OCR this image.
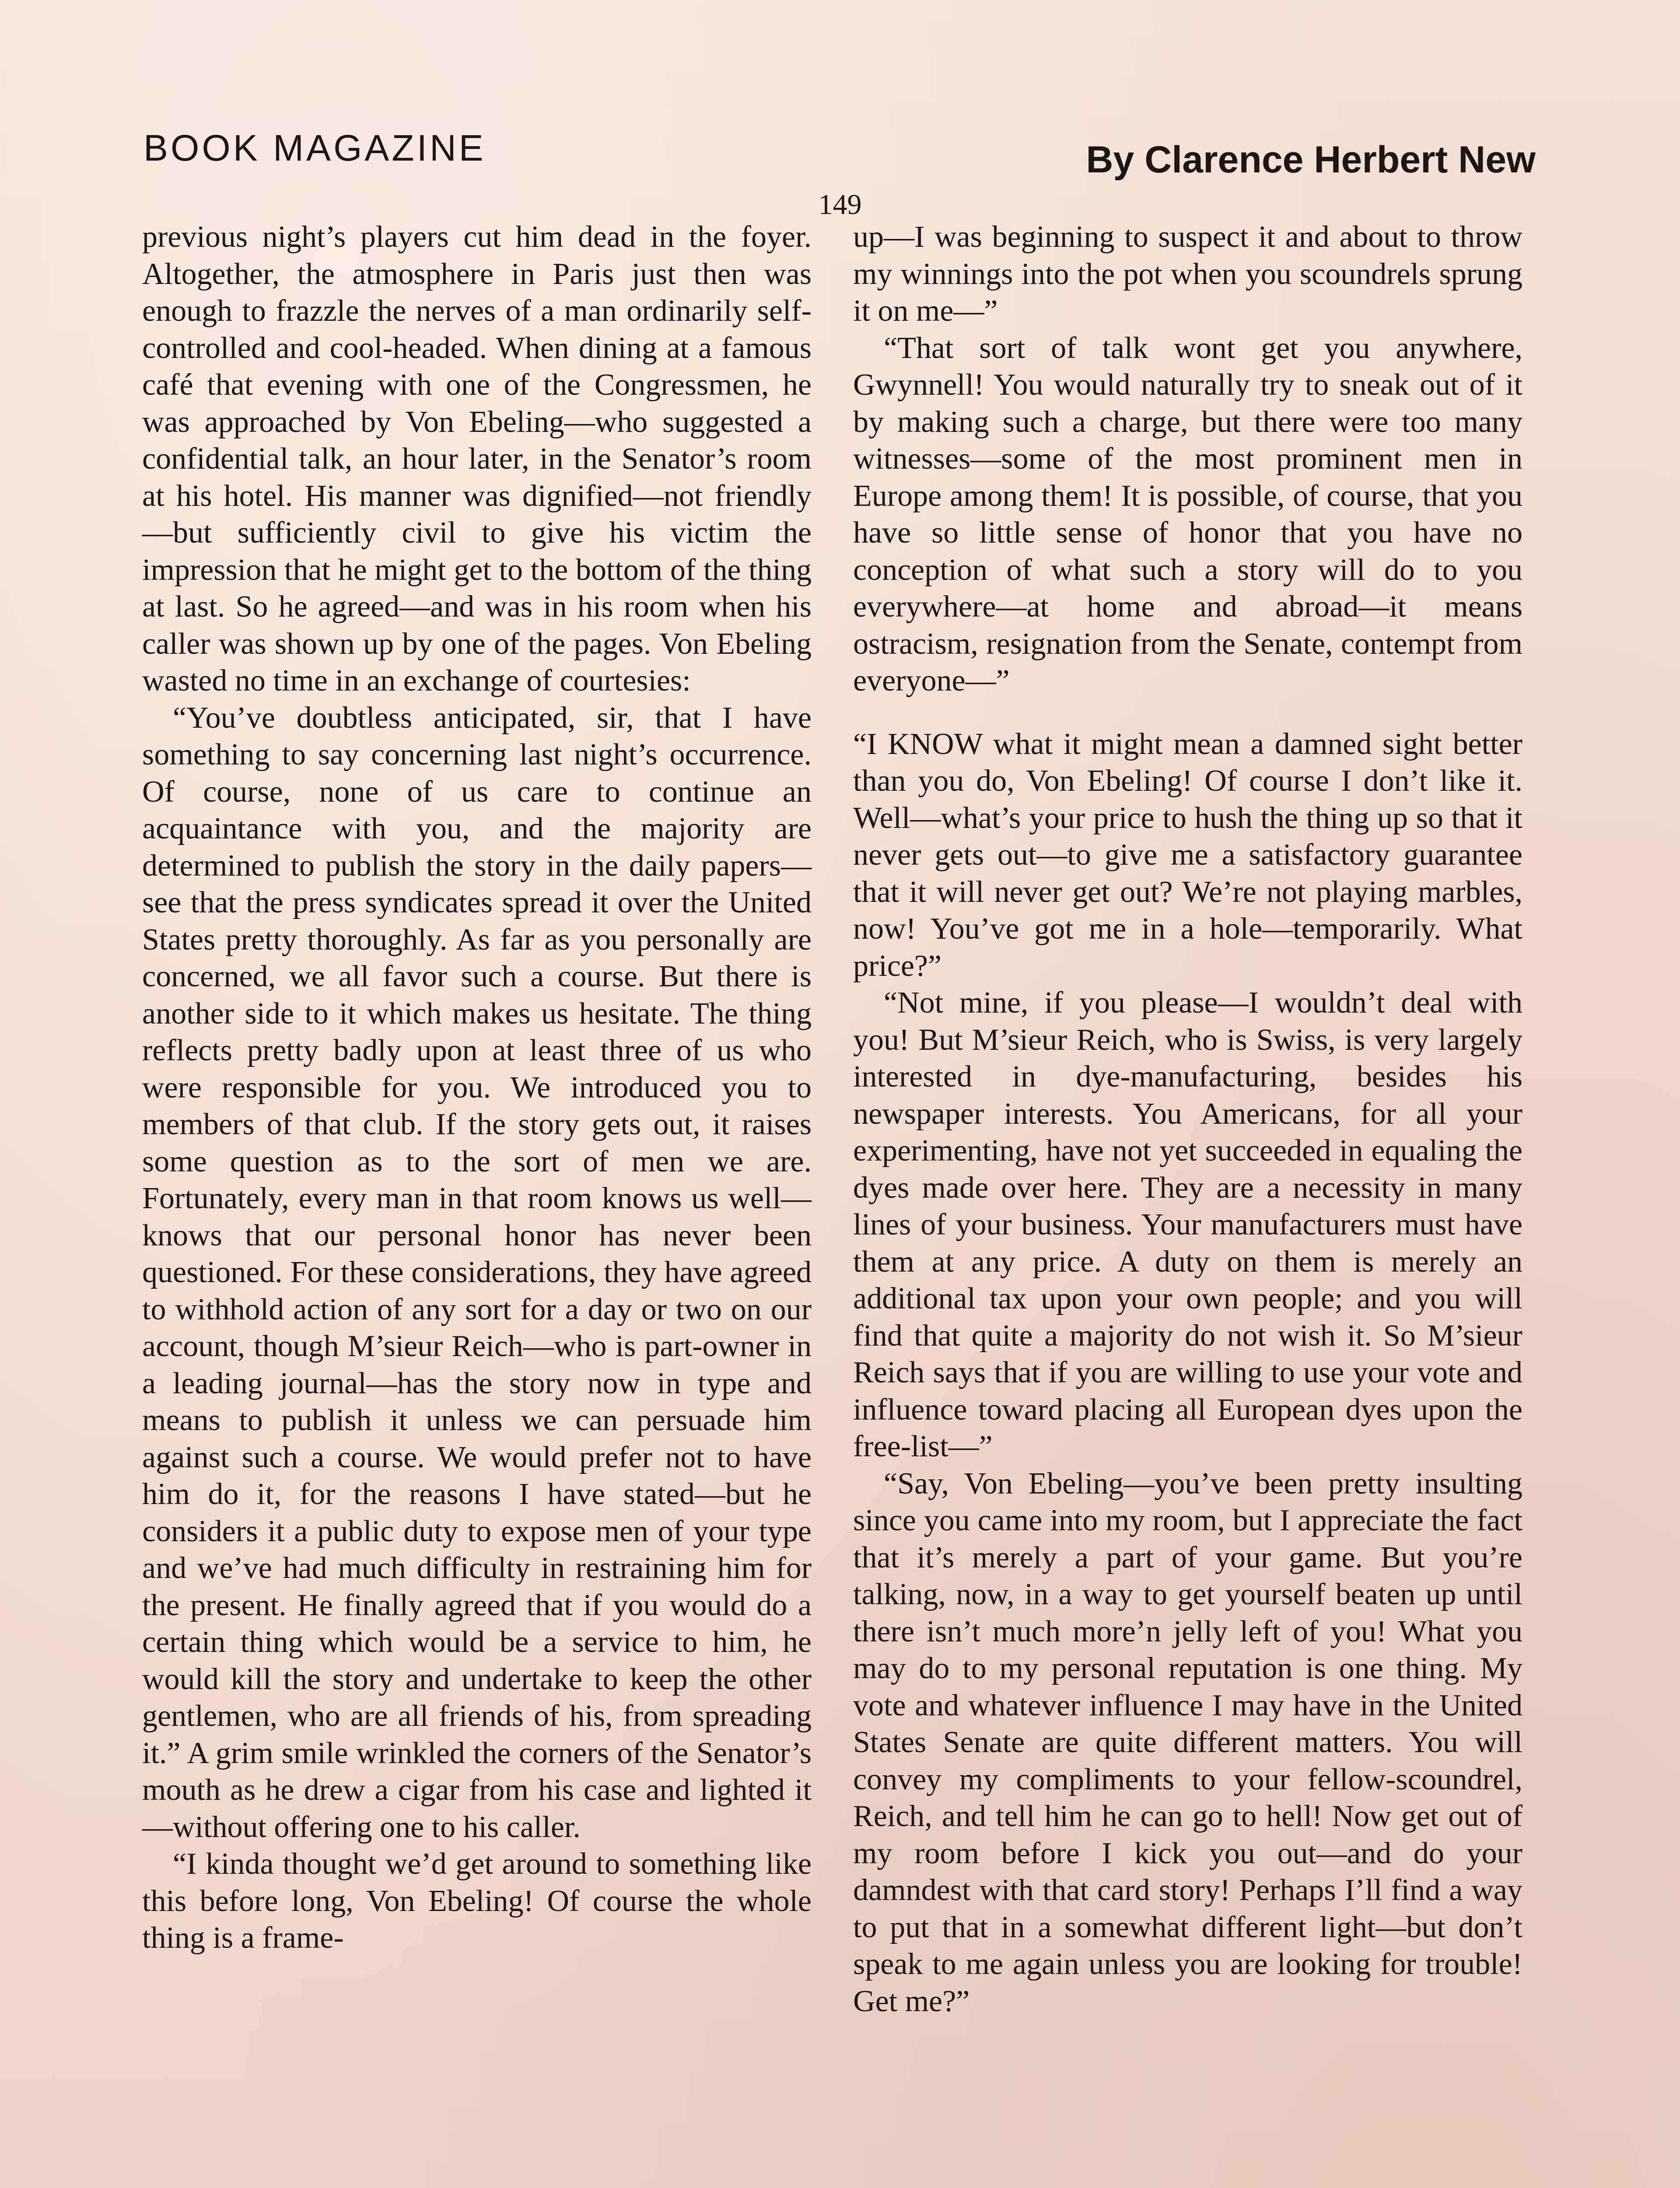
BOOK MAGAZINE	By Clarence Herbert New
149

previous night’s players cut him dead in the foyer. Altogether, the atmosphere in Paris just then was enough to frazzle the nerves of a man ordinarily self-controlled and cool-headed. When dining at a famous café that evening with one of the Congressmen, he was approached by Von Ebeling—who suggested a confidential talk, an hour later, in the Senator’s room at his hotel. His manner was dignified—not friendly—but sufficiently civil to give his victim the impression that he might get to the bottom of the thing at last. So he agreed—and was in his room when his caller was shown up by one of the pages. Von Ebeling wasted no time in an exchange of courtesies:

“You’ve doubtless anticipated, sir, that I have something to say concerning last night’s occurrence. Of course, none of us care to continue an acquaintance with you, and the majority are determined to publish the story in the daily papers—see that the press syndicates spread it over the United States pretty thoroughly. As far as you personally are concerned, we all favor such a course. But there is another side to it which makes us hesitate. The thing reflects pretty badly upon at least three of us who were responsible for you. We introduced you to members of that club. If the story gets out, it raises some question as to the sort of men we are. Fortunately, every man in that room knows us well—knows that our personal honor has never been questioned. For these considerations, they have agreed to withhold action of any sort for a day or two on our account, though M’sieur Reich—who is part-owner in a leading journal—has the story now in type and means to publish it unless we can persuade him against such a course. We would prefer not to have him do it, for the reasons I have stated—but he considers it a public duty to expose men of your type and we’ve had much difficulty in restraining him for the present. He finally agreed that if you would do a certain thing which would be a service to him, he would kill the story and undertake to keep the other gentlemen, who are all friends of his, from spreading it.” A grim smile wrinkled the corners of the Senator’s mouth as he drew a cigar from his case and lighted it—without offering one to his caller.

“I kinda thought we’d get around to something like this before long, Von Ebeling! Of course the whole thing is a frame-

up—I was beginning to suspect it and about to throw my winnings into the pot when you scoundrels sprung it on me—”

“That sort of talk wont get you anywhere, Gwynnell! You would naturally try to sneak out of it by making such a charge, but there were too many witnesses—some of the most prominent men in Europe among them! It is possible, of course, that you have so little sense of honor that you have no conception of what such a story will do to you everywhere—at home and abroad—it means ostracism, resignation from the Senate, contempt from everyone—”

“I KNOW what it might mean a damned sight better than you do, Von Ebeling! Of course I don’t like it. Well—what’s your price to hush the thing up so that it never gets out—to give me a satisfactory guarantee that it will never get out? We’re not playing marbles, now! You’ve got me in a hole—temporarily. What price?”

“Not mine, if you please—I wouldn’t deal with you! But M’sieur Reich, who is Swiss, is very largely interested in dye-manufacturing, besides his newspaper interests. You Americans, for all your experimenting, have not yet succeeded in equaling the dyes made over here. They are a necessity in many lines of your business. Your manufacturers must have them at any price. A duty on them is merely an additional tax upon your own people; and you will find that quite a majority do not wish it. So M’sieur Reich says that if you are willing to use your vote and influence toward placing all European dyes upon the free-list—”

“Say, Von Ebeling—you’ve been pretty insulting since you came into my room, but I appreciate the fact that it’s merely a part of your game. But you’re talking, now, in a way to get yourself beaten up until there isn’t much more’n jelly left of you! What you may do to my personal reputation is one thing. My vote and whatever influence I may have in the United States Senate are quite different matters. You will convey my compliments to your fellow-scoundrel, Reich, and tell him he can go to hell! Now get out of my room before I kick you out—and do your damndest with that card story! Perhaps I’ll find a way to put that in a somewhat different light—but don’t speak to me again unless you are looking for trouble! Get me?”
